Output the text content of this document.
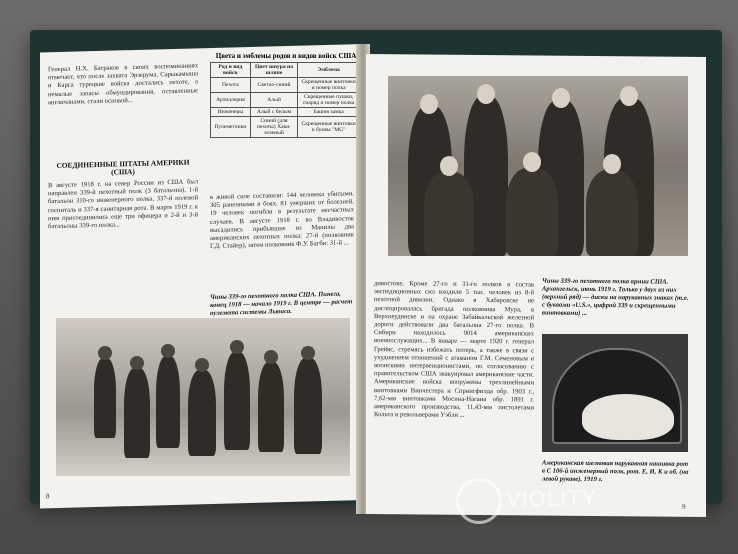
Генерал Н.Х. Батраков в своих воспоминаниях отмечает, что после захвата Эрзерума, Сарыкамыша и Карса турецкие войска достались пехоте, а немалые запасы обмундирования, оставленные англичанами, стали основой...
СОЕДИНЕННЫЕ ШТАТЫ АМЕРИКИ (США)
В августе 1918 г. на север России из США был направлен 339-й пехотный полк (3 батальона), 1-й батальон 310-го инженерного полка, 337-й полевой госпиталь и 337-я санитарная рота. В марте 1919 г. к ним присоединились еще три офицера и 2-й и 3-й батальоны 339-го полка...
в живой силе составили: 144 человека убитыми, 305 раненными в боях, 81 умерших от болезней, 19 человек погибли в результате несчастных случаев. В августе 1918 г. во Владивосток высадились прибывшие из Манилы два американских пехотных полка: 27-й (полковник Г.Д. Стайер), затем полковник Ф.У. Багби: 31-й ...
Чины 339-го пехотного полка США. Пинега, конец 1918 — начало 1919 г. В центре — расчет пулемета системы Льюиса.
8
Цвета и эмблемы родов и видов войск США
Род и вид войск	Цвет шнура на шляпе	Эмблема
Пехота	Светло-синий	Скрещенные винтовки и номер полка
Артиллерия	Алый	Скрещенные пушки, снаряд и номер полка
Инженеры	Алый с белым	Башня замка
Пулеметчики	Синий (для пехоты) Хаки-зеленый	Скрещенные винтовки и буквы "MG"
Чины 339-го пехотного полка армии США. Архангельск, июнь 1919 г. Только у двух из них (верхний ряд) — диски на нарукавных знаках (т.е. с буквами «U.S.», цифрой 339 и скрещенными винтовками) ...
дивостоке. Кроме 27-го и 31-го полков в состав экспедиционных сил входили 5 тыс. человек из 8-й пехотной дивизии. Однако в Хабаровске не дислоцировалась бригада полковника Мура, в Верхнеудинске и на охране Забайкальской железной дороги действовали два батальона 27-го полка. В Сибири находилось 9014 американских военнослужащих... В январе — марте 1920 г. генерал Грейвс, стремясь избежать потерь, а также в связи с ухудшением отношений с атаманом Г.М. Семеновым и японскими интервенционистами, по согласованию с правительством США эвакуировал американские части. Американские войска вооружены трехлинейными винтовками Винчестера и Спрингфилда обр. 1903 г., 7,62-мм винтовками Мосина-Нагана обр. 1891 г. американского производства, 11,43-мм пистолетами Кольта и револьверами Уэбли ...
Американская шелковая нарукавная нашивка рот в С 106-й инженерный полк, рот. Е, И, К и об. (на левой рукаве), 1919 г.
9
VIOLITY
